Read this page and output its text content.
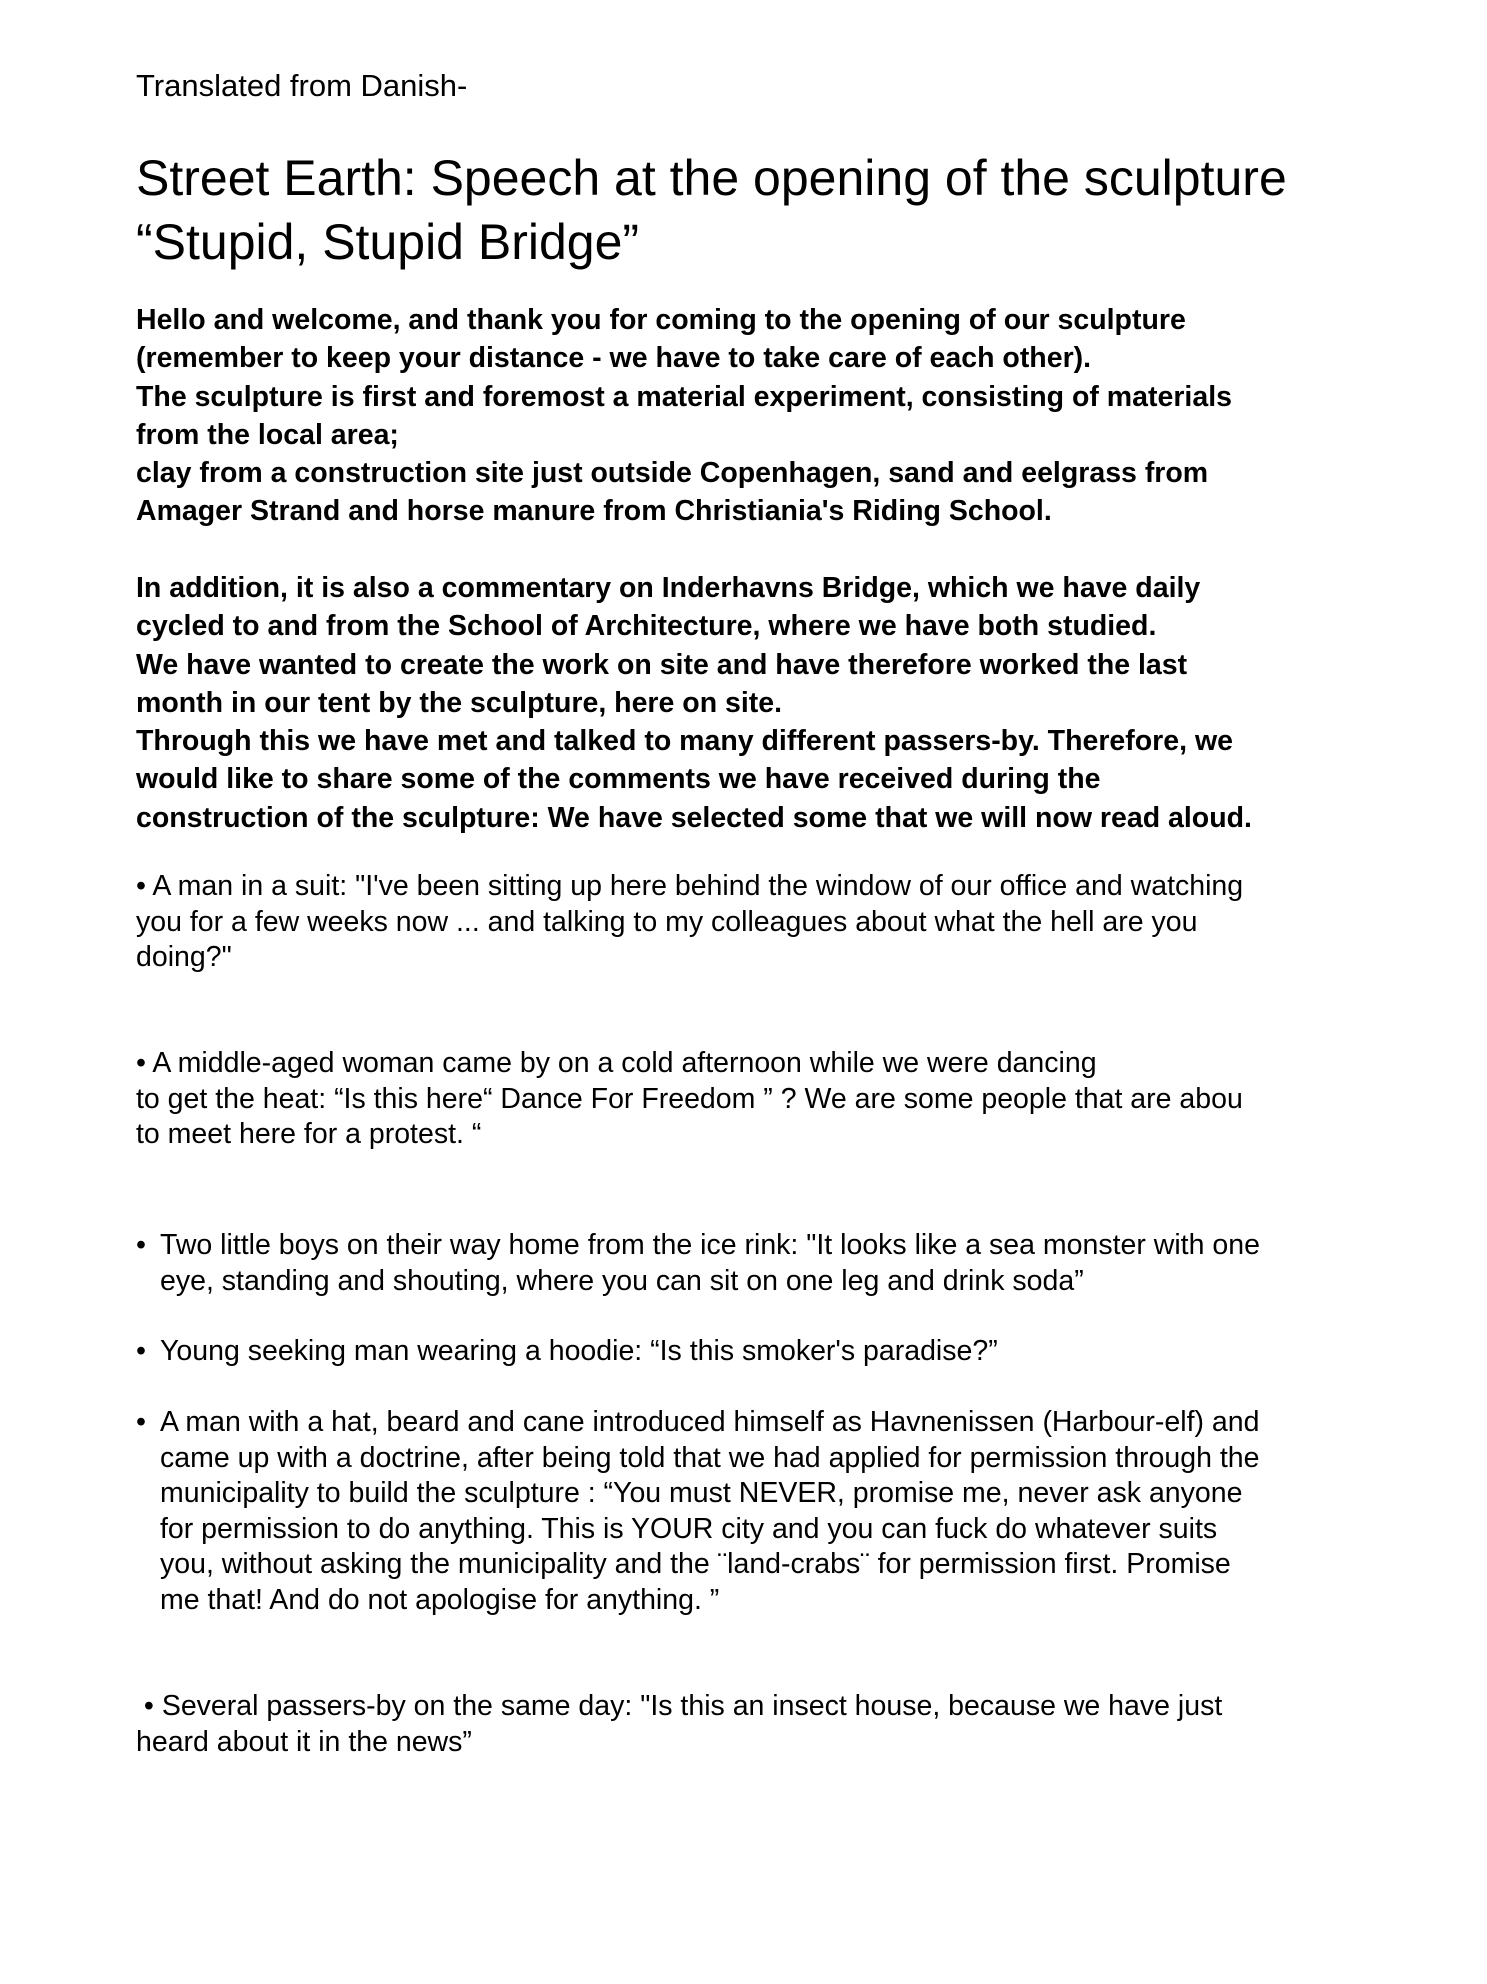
Translated from Danish-
Street Earth: Speech at the opening of the sculpture
“Stupid, Stupid Bridge”
Hello and welcome, and thank you for coming to the opening of our sculpture
(remember to keep your distance - we have to take care of each other).
The sculpture is first and foremost a material experiment, consisting of materials
from the local area;
clay from a construction site just outside Copenhagen, sand and eelgrass from
Amager Strand and horse manure from Christiania's Riding School.
In addition, it is also a commentary on Inderhavns Bridge, which we have daily
cycled to and from the School of Architecture, where we have both studied.
We have wanted to create the work on site and have therefore worked the last
month in our tent by the sculpture, here on site.
Through this we have met and talked to many different passers-by. Therefore, we
would like to share some of the comments we have received during the
construction of the sculpture: We have selected some that we will now read aloud.
• A man in a suit: "I've been sitting up here behind the window of our office and watching
you for a few weeks now ... and talking to my colleagues about what the hell are you
doing?"
• A middle-aged woman came by on a cold afternoon while we were dancing
to get the heat: “Is this here“ Dance For Freedom ” ? We are some people that are abou
to meet here for a protest. “
• Two little boys on their way home from the ice rink: "It looks like a sea monster with one
eye, standing and shouting, where you can sit on one leg and drink soda”
• Young seeking man wearing a hoodie: “Is this smoker's paradise?”
• A man with a hat, beard and cane introduced himself as Havnenissen (Harbour-elf) and
came up with a doctrine, after being told that we had applied for permission through the
municipality to build the sculpture : “You must NEVER, promise me, never ask anyone
for permission to do anything. This is YOUR city and you can fuck do whatever suits
you, without asking the municipality and the ¨land-crabs¨ for permission first. Promise
me that! And do not apologise for anything. ”
• Several passers-by on the same day: "Is this an insect house, because we have just
heard about it in the news”
